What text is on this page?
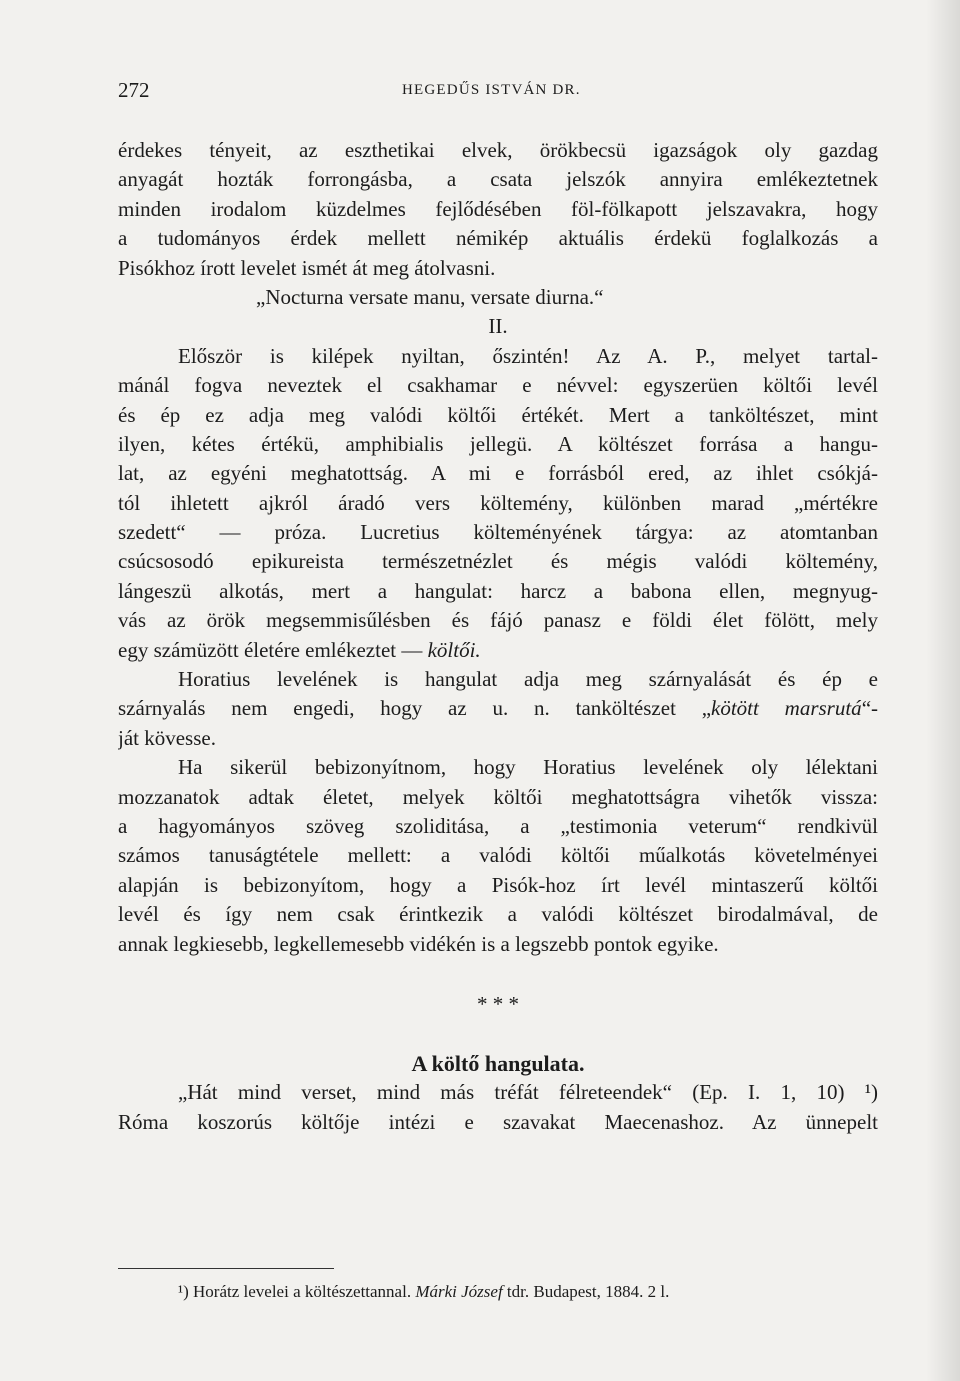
272	HEGEDŰS ISTVÁN DR.
érdekes tényeit, az eszthetikai elvek, örökbecsü igazságok oly gazdag
anyagát hozták forrongásba, a csata jelszók annyira emlékeztetnek
minden irodalom küzdelmes fejlődésében föl-fölkapott jelszavakra, hogy
a tudományos érdek mellett némikép aktuális érdekü foglalkozás a
Pisókhoz írott levelet ismét át meg átolvasni.
„Nocturna versate manu, versate diurna.“
II.
Először is kilépek nyiltan, őszintén! Az A. P., melyet tartal-
mánál fogva neveztek el csakhamar e névvel: egyszerüen költői levél
és ép ez adja meg valódi költői értékét. Mert a tanköltészet, mint
ilyen, kétes értékü, amphibialis jellegü. A költészet forrása a hangu-
lat, az egyéni meghatottság. A mi e forrásból ered, az ihlet csókjá-
tól ihletett ajkról áradó vers költemény, különben marad „mértékre
szedett“ — próza. Lucretius költeményének tárgya: az atomtanban
csúcsosodó epikureista természetnézlet és mégis valódi költemény,
lángeszü alkotás, mert a hangulat: harcz a babona ellen, megnyug-
vás az örök megsemmisűlésben és fájó panasz e földi élet fölött, mely
egy számüzött életére emlékeztet — költői.
Horatius levelének is hangulat adja meg szárnyalását és ép e
szárnyalás nem engedi, hogy az u. n. tanköltészet „kötött marsrutá“-
ját kövesse.
Ha sikerül bebizonyítnom, hogy Horatius levelének oly lélektani
mozzanatok adtak életet, melyek költői meghatottságra vihetők vissza:
a hagyományos szöveg szoliditása, a „testimonia veterum“ rendkivül
számos tanuságtétele mellett: a valódi költői műalkotás követelményei
alapján is bebizonyítom, hogy a Pisók-hoz írt levél mintaszerű költői
levél és így nem csak érintkezik a valódi költészet birodalmával, de
annak legkiesebb, legkellemesebb vidékén is a legszebb pontok egyike.
* * *
A költő hangulata.
„Hát mind verset, mind más tréfát félreteendek“ (Ep. I. 1, 10) ¹)
Róma koszorús költője intézi e szavakat Maecenashoz. Az ünnepelt
¹) Horátz levelei a költészettannal. Márki József tdr. Budapest, 1884. 2 l.
